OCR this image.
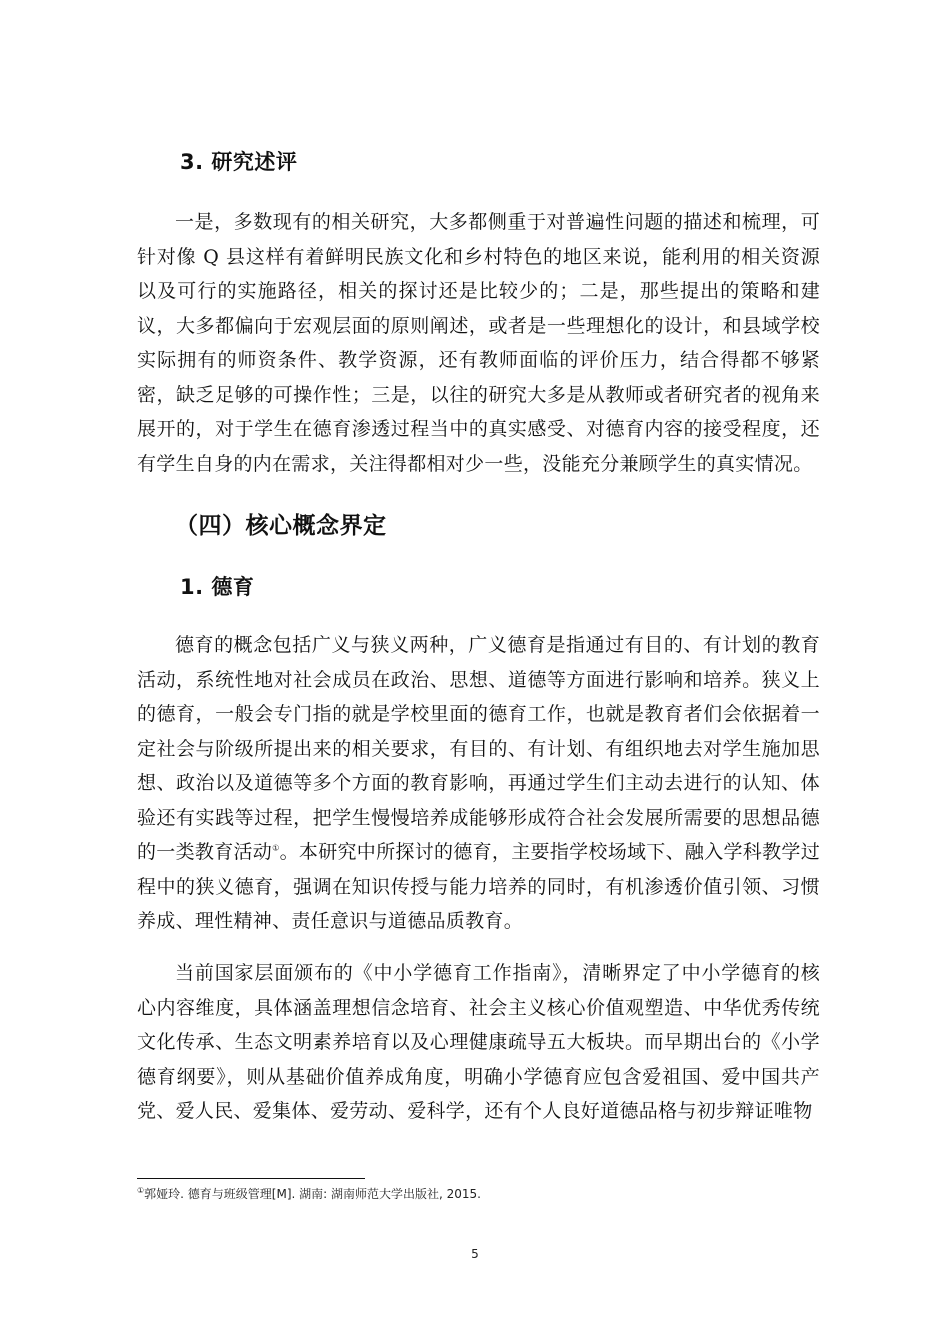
3. 研究述评

一是，多数现有的相关研究，大多都侧重于对普遍性问题的描述和梳理，可针对像 Q 县这样有着鲜明民族文化和乡村特色的地区来说，能利用的相关资源以及可行的实施路径，相关的探讨还是比较少的；二是，那些提出的策略和建议，大多都偏向于宏观层面的原则阐述，或者是一些理想化的设计，和县域学校实际拥有的师资条件、教学资源，还有教师面临的评价压力，结合得都不够紧密，缺乏足够的可操作性；三是，以往的研究大多是从教师或者研究者的视角来展开的，对于学生在德育渗透过程当中的真实感受、对德育内容的接受程度，还有学生自身的内在需求，关注得都相对少一些，没能充分兼顾学生的真实情况。

（四）核心概念界定
1. 德育

德育的概念包括广义与狭义两种，广义德育是指通过有目的、有计划的教育活动，系统性地对社会成员在政治、思想、道德等方面进行影响和培养。狭义上的德育，一般会专门指的就是学校里面的德育工作，也就是教育者们会依据着一定社会与阶级所提出来的相关要求，有目的、有计划、有组织地去对学生施加思想、政治以及道德等多个方面的教育影响，再通过学生们主动去进行的认知、体验还有实践等过程，把学生慢慢培养成能够形成符合社会发展所需要的思想品德的一类教育活动①。本研究中所探讨的德育，主要指学校场域下、融入学科教学过程中的狭义德育，强调在知识传授与能力培养的同时，有机渗透价值引领、习惯养成、理性精神、责任意识与道德品质教育。

当前国家层面颁布的《中小学德育工作指南》，清晰界定了中小学德育的核心内容维度，具体涵盖理想信念培育、社会主义核心价值观塑造、中华优秀传统文化传承、生态文明素养培育以及心理健康疏导五大板块。而早期出台的《小学德育纲要》，则从基础价值养成角度，明确小学德育应包含爱祖国、爱中国共产党、爱人民、爱集体、爱劳动、爱科学，还有个人良好道德品格与初步辩证唯物

①郭娅玲. 德育与班级管理[M]. 湖南: 湖南师范大学出版社, 2015.
5
